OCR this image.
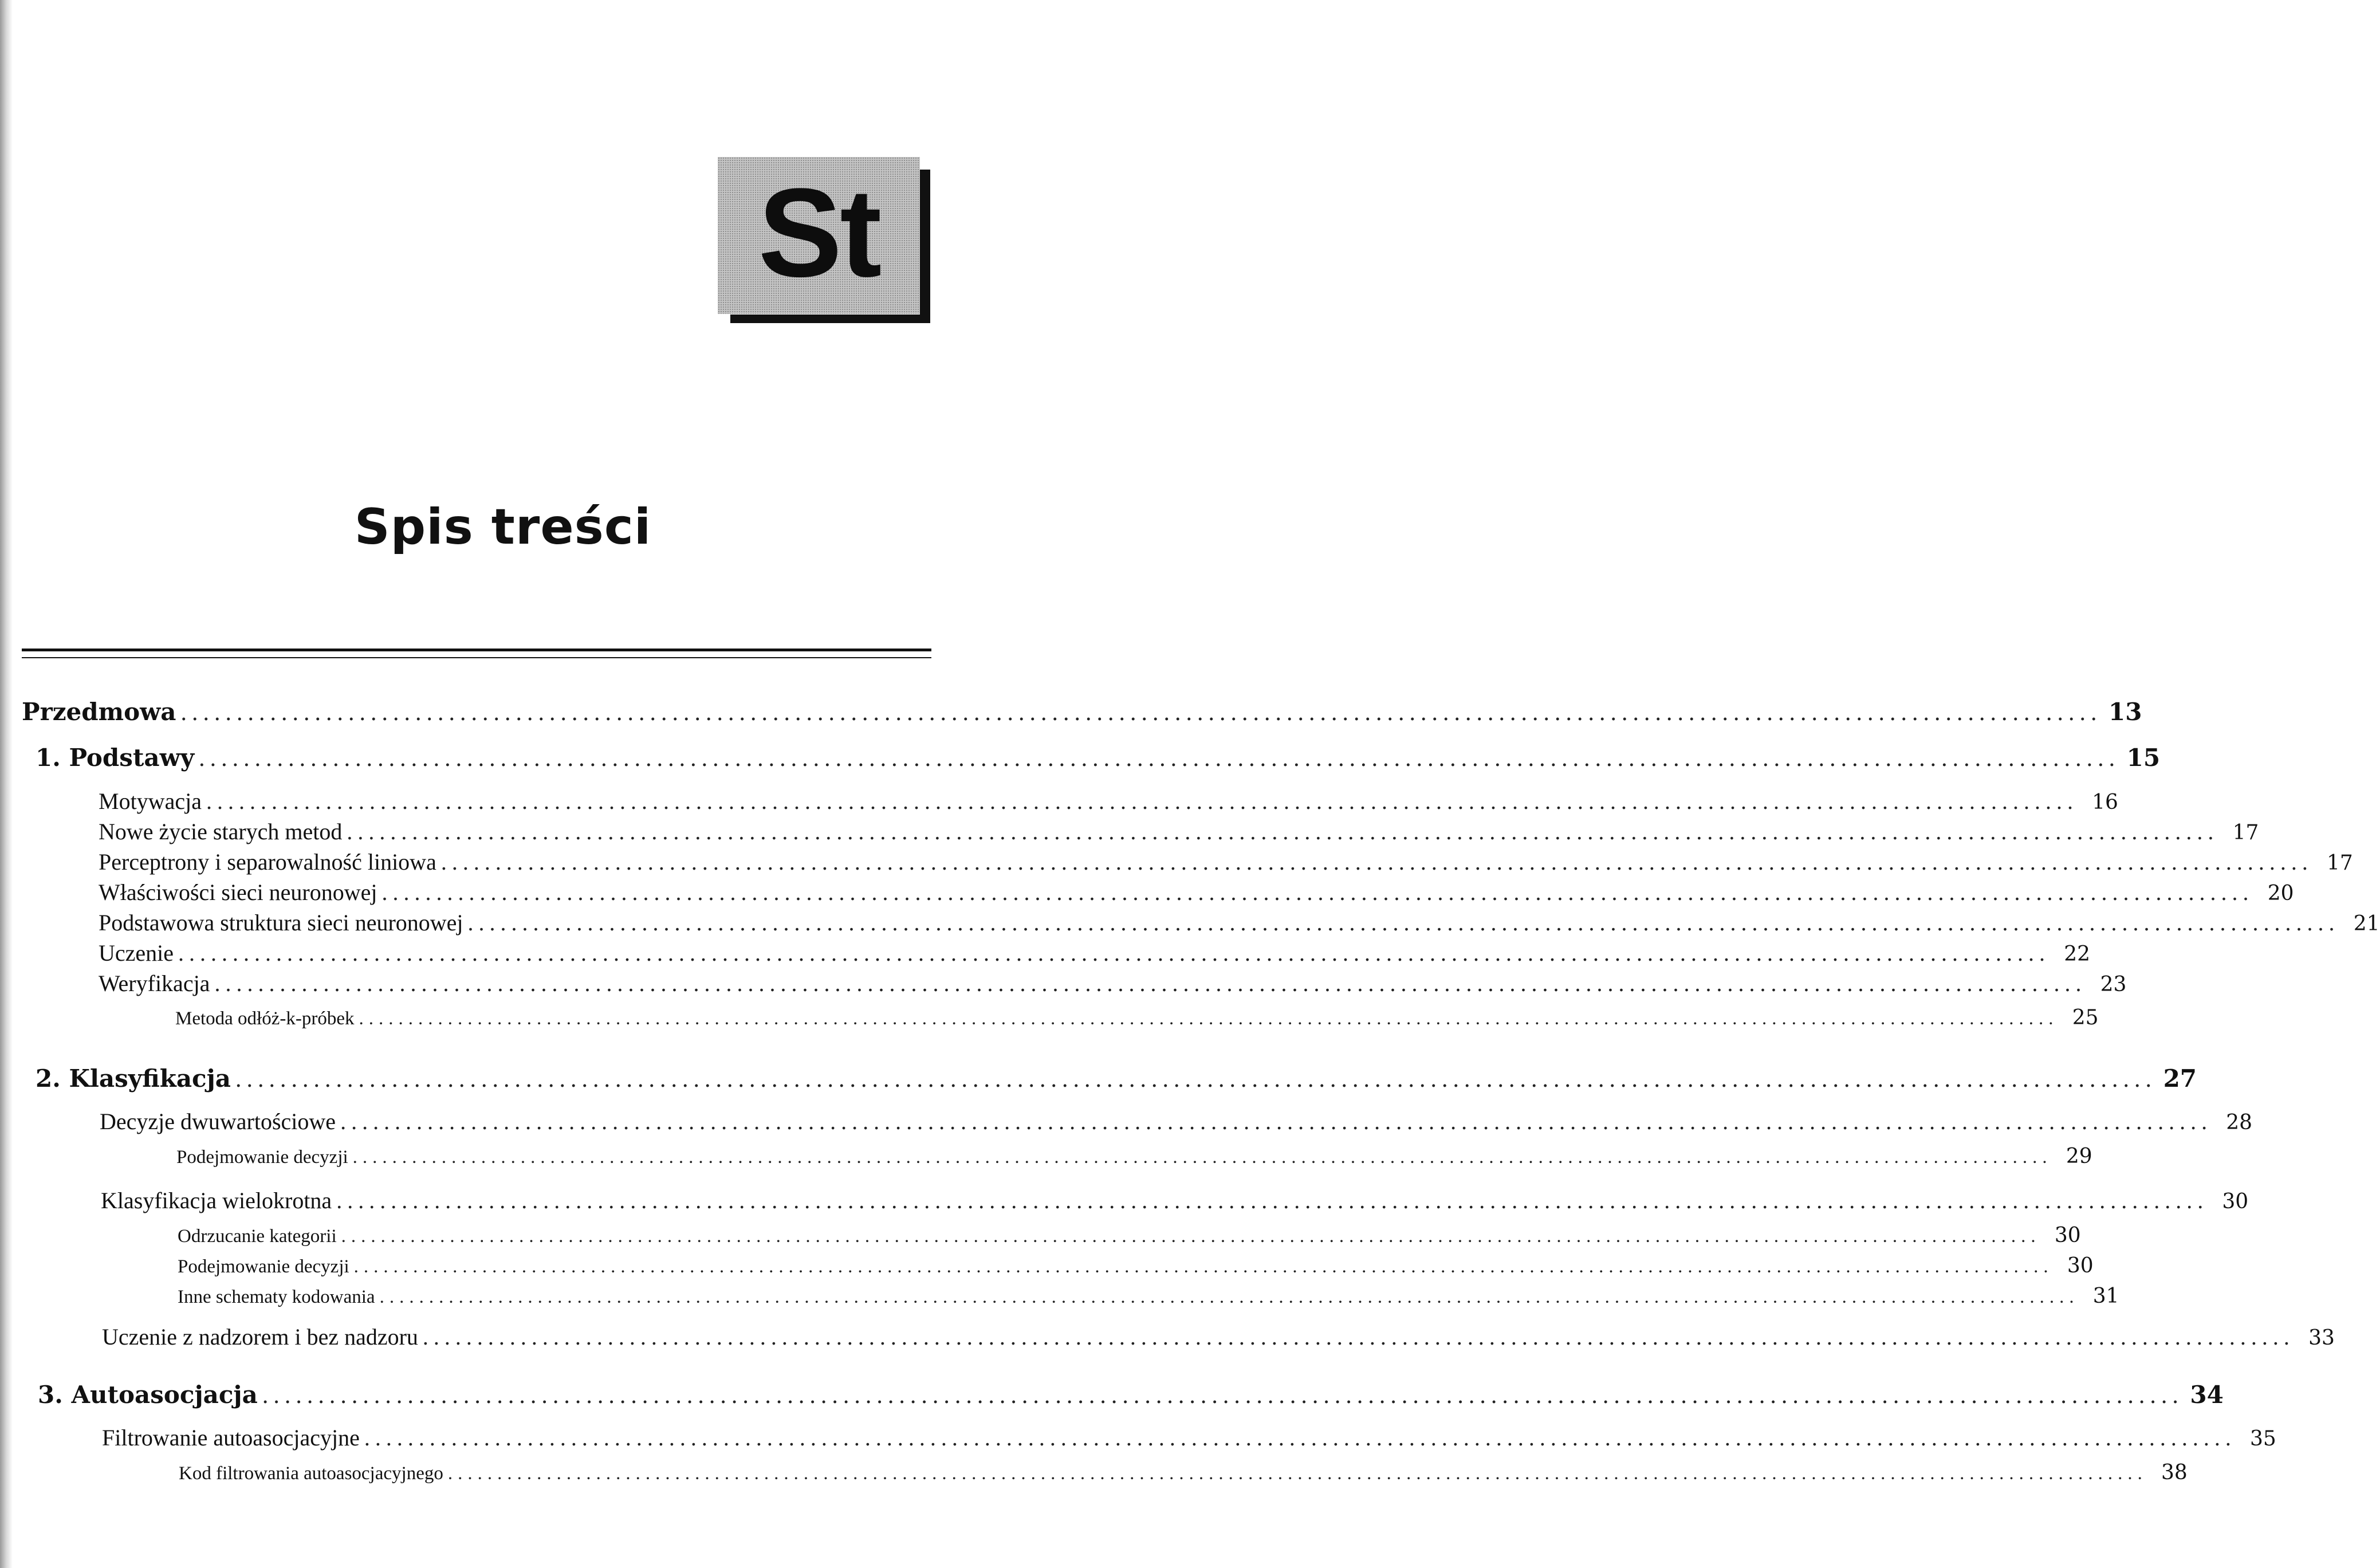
St
Spis treści
Przedmowa ............................................................................................................................................................................ 13
1. Podstawy ............................................................................................................................................................................ 15
Motywacja ............................................................................................................................................................................ 16
Nowe życie starych metod ............................................................................................................................................................................ 17
Perceptrony i separowalność liniowa ............................................................................................................................................................................ 17
Właściwości sieci neuronowej ............................................................................................................................................................................ 20
Podstawowa struktura sieci neuronowej ............................................................................................................................................................................ 21
Uczenie ............................................................................................................................................................................ 22
Weryfikacja ............................................................................................................................................................................ 23
Metoda odłóż-k-próbek ............................................................................................................................................................................ 25
2. Klasyfikacja ............................................................................................................................................................................ 27
Decyzje dwuwartościowe ............................................................................................................................................................................ 28
Podejmowanie decyzji ............................................................................................................................................................................ 29
Klasyfikacja wielokrotna ............................................................................................................................................................................ 30
Odrzucanie kategorii ............................................................................................................................................................................ 30
Podejmowanie decyzji ............................................................................................................................................................................ 30
Inne schematy kodowania ............................................................................................................................................................................ 31
Uczenie z nadzorem i bez nadzoru ............................................................................................................................................................................ 33
3. Autoasocjacja ............................................................................................................................................................................ 34
Filtrowanie autoasocjacyjne ............................................................................................................................................................................ 35
Kod filtrowania autoasocjacyjnego ............................................................................................................................................................................ 38
